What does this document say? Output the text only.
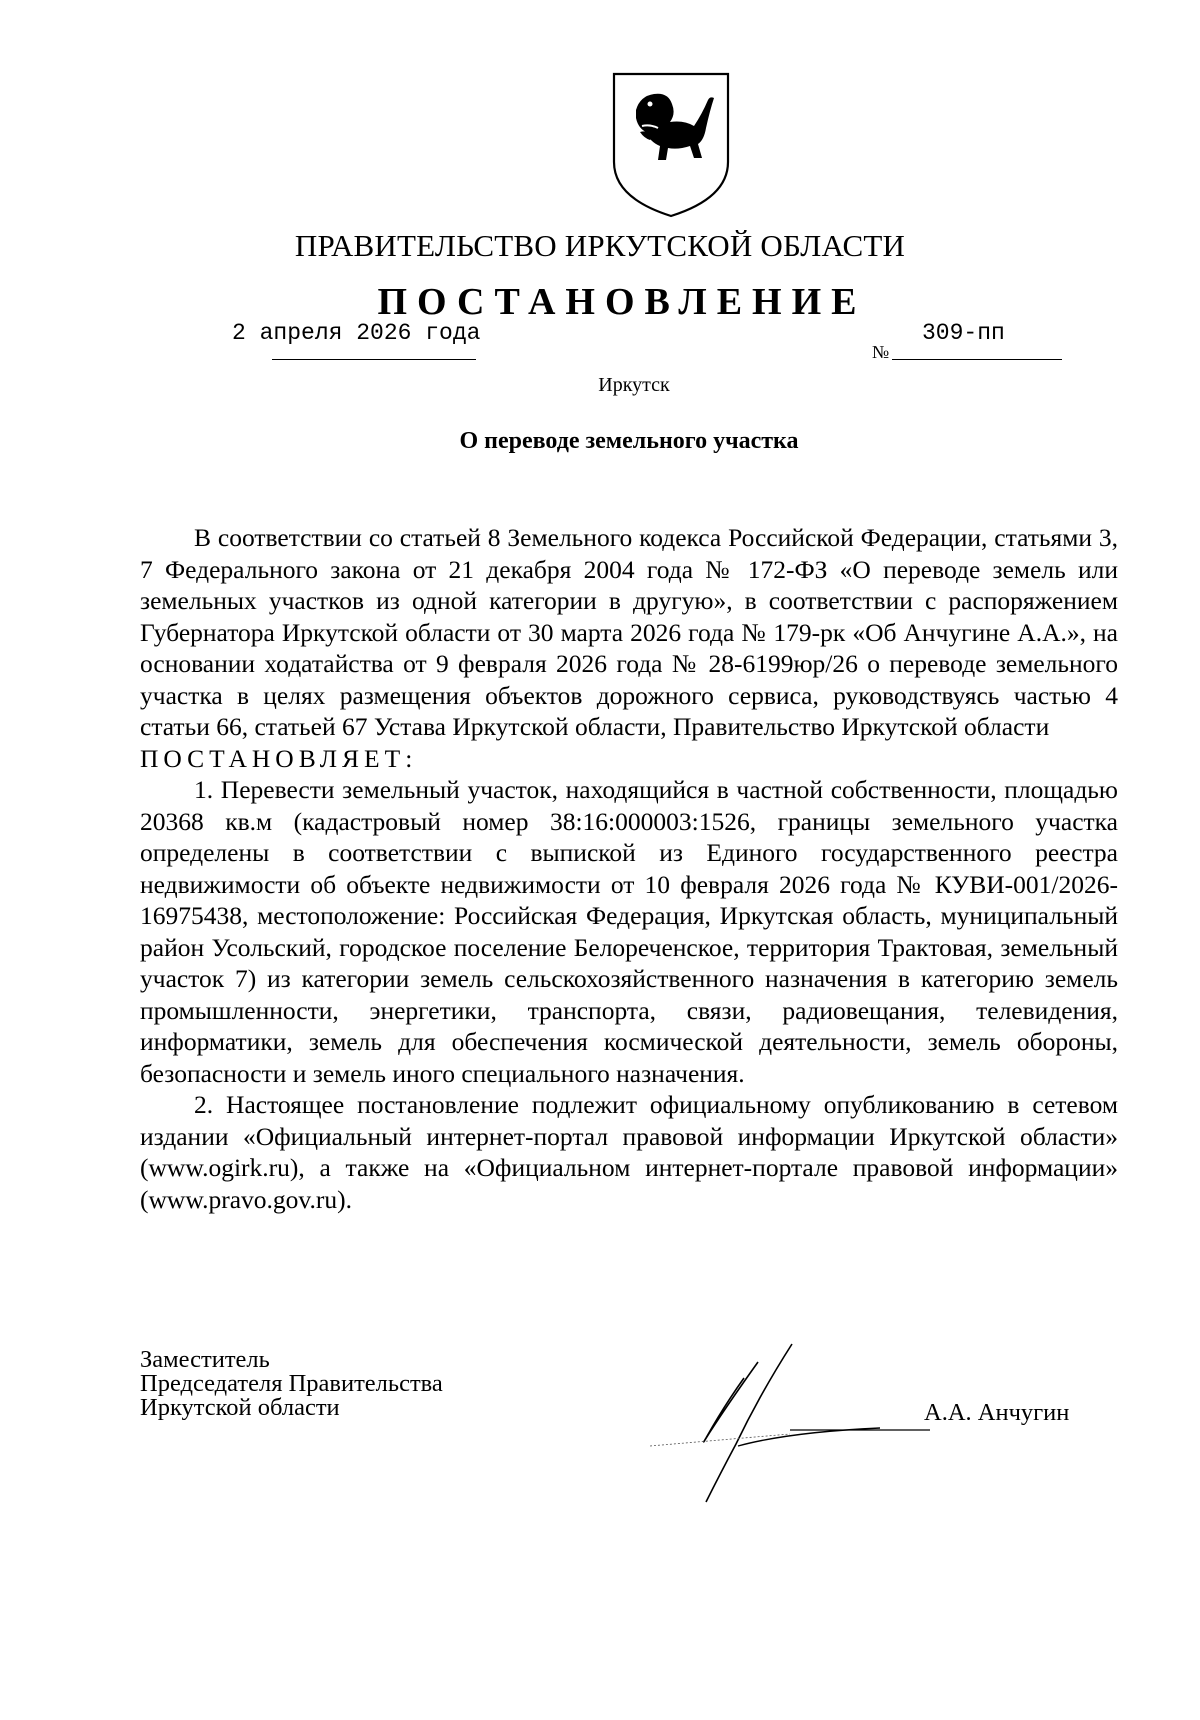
ПРАВИТЕЛЬСТВО ИРКУТСКОЙ ОБЛАСТИ
ПОСТАНОВЛЕНИЕ
2 апреля 2026 года
№
309-пп
Иркутск
О переводе земельного участка

В соответствии со статьей 8 Земельного кодекса Российской Федерации, статьями 3, 7 Федерального закона от 21 декабря 2004 года № 172-ФЗ «О переводе земель или земельных участков из одной категории в другую», в соответствии с распоряжением Губернатора Иркутской области от 30 марта 2026 года № 179-рк «Об Анчугине А.А.», на основании ходатайства от 9 февраля 2026 года № 28-6199юр/26 о переводе земельного участка в целях размещения объектов дорожного сервиса, руководствуясь частью 4 статьи 66, статьей 67 Устава Иркутской области, Правительство Иркутской области

ПОСТАНОВЛЯЕТ:

1. Перевести земельный участок, находящийся в частной собственности, площадью 20368 кв.м (кадастровый номер 38:16:000003:1526, границы земельного участка определены в соответствии с выпиской из Единого государственного реестра недвижимости об объекте недвижимости от 10 февраля 2026 года № КУВИ-001/2026-16975438, местоположение: Российская Федерация, Иркутская область, муниципальный район Усольский, городское поселение Белореченское, территория Трактовая, земельный участок 7) из категории земель сельскохозяйственного назначения в категорию земель промышленности, энергетики, транспорта, связи, радиовещания, телевидения, информатики, земель для обеспечения космической деятельности, земель обороны, безопасности и земель иного специального назначения.

2. Настоящее постановление подлежит официальному опубликованию в сетевом издании «Официальный интернет-портал правовой информации Иркутской области» (www.ogirk.ru), а также на «Официальном интернет-портале правовой информации» (www.pravo.gov.ru).

Заместитель
Председателя Правительства
Иркутской области	А.А. Анчугин
